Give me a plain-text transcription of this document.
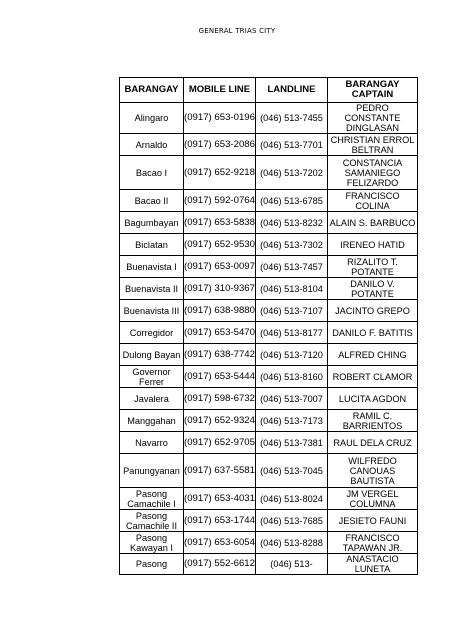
GENERAL TRIAS CITY
BARANGAY	MOBILE LINE	LANDLINE	BARANGAY CAPTAIN
Alingaro	(0917) 653-0196	(046) 513-7455	PEDRO CONSTANTE DINGLASAN
Arnaldo	(0917) 653-2086	(046) 513-7701	CHRISTIAN ERROL BELTRAN
Bacao I	(0917) 652-9218	(046) 513-7202	CONSTANCIA SAMANIEGO FELIZARDO
Bacao II	(0917) 592-0764	(046) 513-6785	FRANCISCO COLINA
Bagumbayan	(0917) 653-5838	(046) 513-8232	ALAIN S. BARBUCO
Biclatan	(0917) 652-9530	(046) 513-7302	IRENEO HATID
Buenavista I	(0917) 653-0097	(046) 513-7457	RIZALITO T. POTANTE
Buenavista II	(0917) 310-9367	(046) 513-8104	DANILO V. POTANTE
Buenavista III	(0917) 638-9880	(046) 513-7107	JACINTO GREPO
Corregidor	(0917) 653-5470	(046) 513-8177	DANILO F. BATITIS
Dulong Bayan	(0917) 638-7742	(046) 513-7120	ALFRED CHING
Governor Ferrer	(0917) 653-5444	(046) 513-8160	ROBERT CLAMOR
Javalera	(0917) 598-6732	(046) 513-7007	LUCITA AGDON
Manggahan	(0917) 652-9324	(046) 513-7173	RAMIL C. BARRIENTOS
Navarro	(0917) 652-9705	(046) 513-7381	RAUL DELA CRUZ
Panungyanan	(0917) 637-5581	(046) 513-7045	WILFREDO CANOUAS BAUTISTA
Pasong Camachile I	(0917) 653-4031	(046) 513-8024	JM VERGEL COLUMNA
Pasong Camachile II	(0917) 653-1744	(046) 513-7685	JESIETO FAUNI
Pasong Kawayan I	(0917) 653-6054	(046) 513-8288	FRANCISCO TAPAWAN JR.
Pasong	(0917) 552-6612	(046) 513-	ANASTACIO LUNETA
